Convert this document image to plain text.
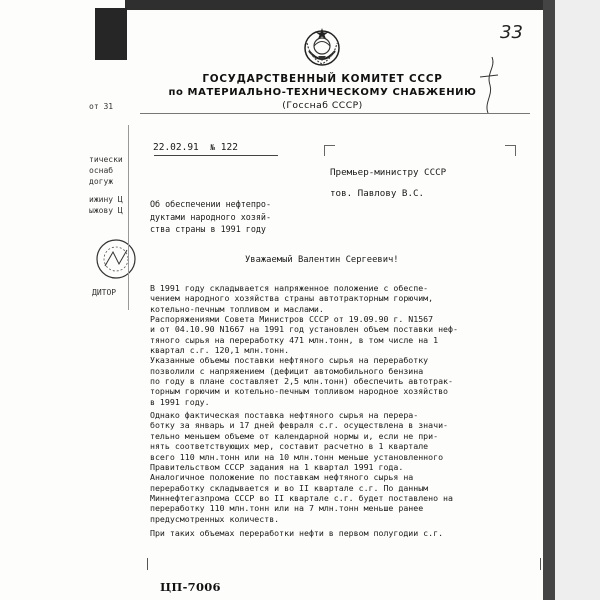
33
ГОСУДАРСТВЕННЫЙ КОМИТЕТ СССР
по МАТЕРИАЛЬНО-ТЕХНИЧЕСКОМУ СНАБЖЕНИЮ
(Госснаб СССР)
от 31
тически
оснаб
догуж
ижину Ц
ыжову Ц
ДИТОР
22.02.91 № 122
Об обеспечении нефтепро-
дуктами народного хозяй-
ства страны в 1991 году
Премьер-министру СССР
тов. Павлову В.С.
Уважаемый Валентин Сергеевич!

В 1991 году складывается напряженное положение с обеспе-

чением народного хозяйства страны автотракторным горючим,

котельно-печным топливом и маслами.

Распоряжениями Совета Министров СССР от 19.09.90 г. N1567

и от 04.10.90 N1667 на 1991 год установлен объем поставки неф-

тяного сырья на переработку 471 млн.тонн, в том числе на 1

квартал с.г. 120,1 млн.тонн.

Указанные объемы поставки нефтяного сырья на переработку

позволили с напряжением (дефицит автомобильного бензина

по году в плане составляет 2,5 млн.тонн) обеспечить автотрак-

торным горючим и котельно-печным топливом народное хозяйство

в 1991 году.

Однако фактическая поставка нефтяного сырья на перера-

ботку за январь и 17 дней февраля с.г. осуществлена в значи-

тельно меньшем объеме от календарной нормы и, если не при-

нять соответствующих мер, составит расчетно в 1 квартале

всего 110 млн.тонн или на 10 млн.тонн меньше установленного

Правительством СССР задания на 1 квартал 1991 года.

Аналогичное положение по поставкам нефтяного сырья на

переработку складывается и во II квартале с.г. По данным

Миннефтегазпрома СССР во II квартале с.г. будет поставлено на

переработку 110 млн.тонн или на 7 млн.тонн меньше ранее

предусмотренных количеств.

При таких объемах переработки нефти в первом полугодии с.г.

ЦП-7006
